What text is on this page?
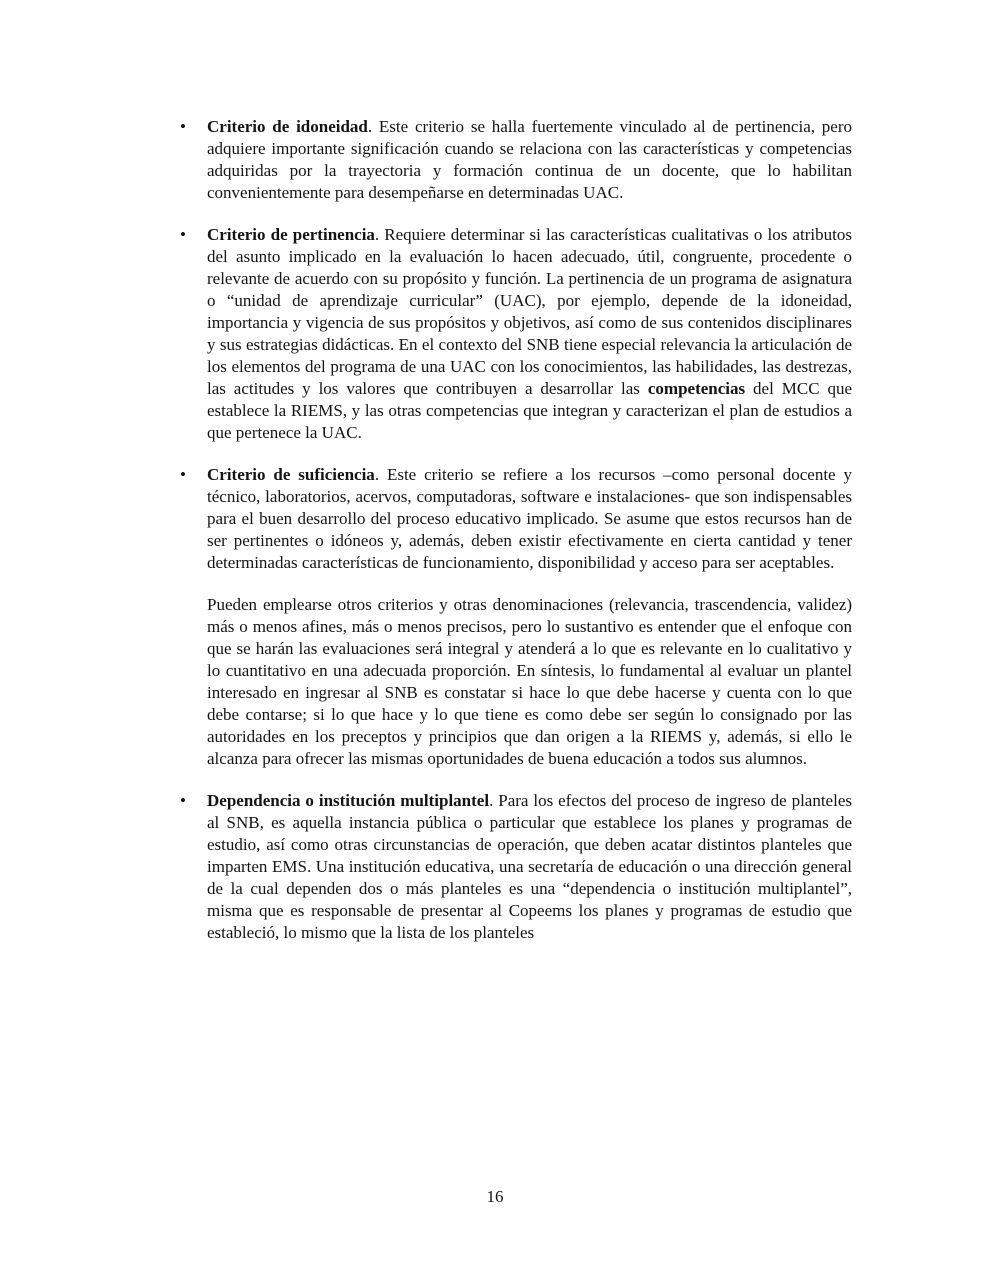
• Criterio de idoneidad. Este criterio se halla fuertemente vinculado al de pertinencia, pero adquiere importante significación cuando se relaciona con las características y competencias adquiridas por la trayectoria y formación continua de un docente, que lo habilitan convenientemente para desempeñarse en determinadas UAC.
• Criterio de pertinencia. Requiere determinar si las características cualitativas o los atributos del asunto implicado en la evaluación lo hacen adecuado, útil, congruente, procedente o relevante de acuerdo con su propósito y función. La pertinencia de un programa de asignatura o “unidad de aprendizaje curricular” (UAC), por ejemplo, depende de la idoneidad, importancia y vigencia de sus propósitos y objetivos, así como de sus contenidos disciplinares y sus estrategias didácticas. En el contexto del SNB tiene especial relevancia la articulación de los elementos del programa de una UAC con los conocimientos, las habilidades, las destrezas, las actitudes y los valores que contribuyen a desarrollar las competencias del MCC que establece la RIEMS, y las otras competencias que integran y caracterizan el plan de estudios a que pertenece la UAC.
• Criterio de suficiencia. Este criterio se refiere a los recursos –como personal docente y técnico, laboratorios, acervos, computadoras, software e instalaciones- que son indispensables para el buen desarrollo del proceso educativo implicado. Se asume que estos recursos han de ser pertinentes o idóneos y, además, deben existir efectivamente en cierta cantidad y tener determinadas características de funcionamiento, disponibilidad y acceso para ser aceptables.
Pueden emplearse otros criterios y otras denominaciones (relevancia, trascendencia, validez) más o menos afines, más o menos precisos, pero lo sustantivo es entender que el enfoque con que se harán las evaluaciones será integral y atenderá a lo que es relevante en lo cualitativo y lo cuantitativo en una adecuada proporción. En síntesis, lo fundamental al evaluar un plantel interesado en ingresar al SNB es constatar si hace lo que debe hacerse y cuenta con lo que debe contarse; si lo que hace y lo que tiene es como debe ser según lo consignado por las autoridades en los preceptos y principios que dan origen a la RIEMS y, además, si ello le alcanza para ofrecer las mismas oportunidades de buena educación a todos sus alumnos.
• Dependencia o institución multiplantel. Para los efectos del proceso de ingreso de planteles al SNB, es aquella instancia pública o particular que establece los planes y programas de estudio, así como otras circunstancias de operación, que deben acatar distintos planteles que imparten EMS. Una institución educativa, una secretaría de educación o una dirección general de la cual dependen dos o más planteles es una “dependencia o institución multiplantel”, misma que es responsable de presentar al Copeems los planes y programas de estudio que estableció, lo mismo que la lista de los planteles
16
